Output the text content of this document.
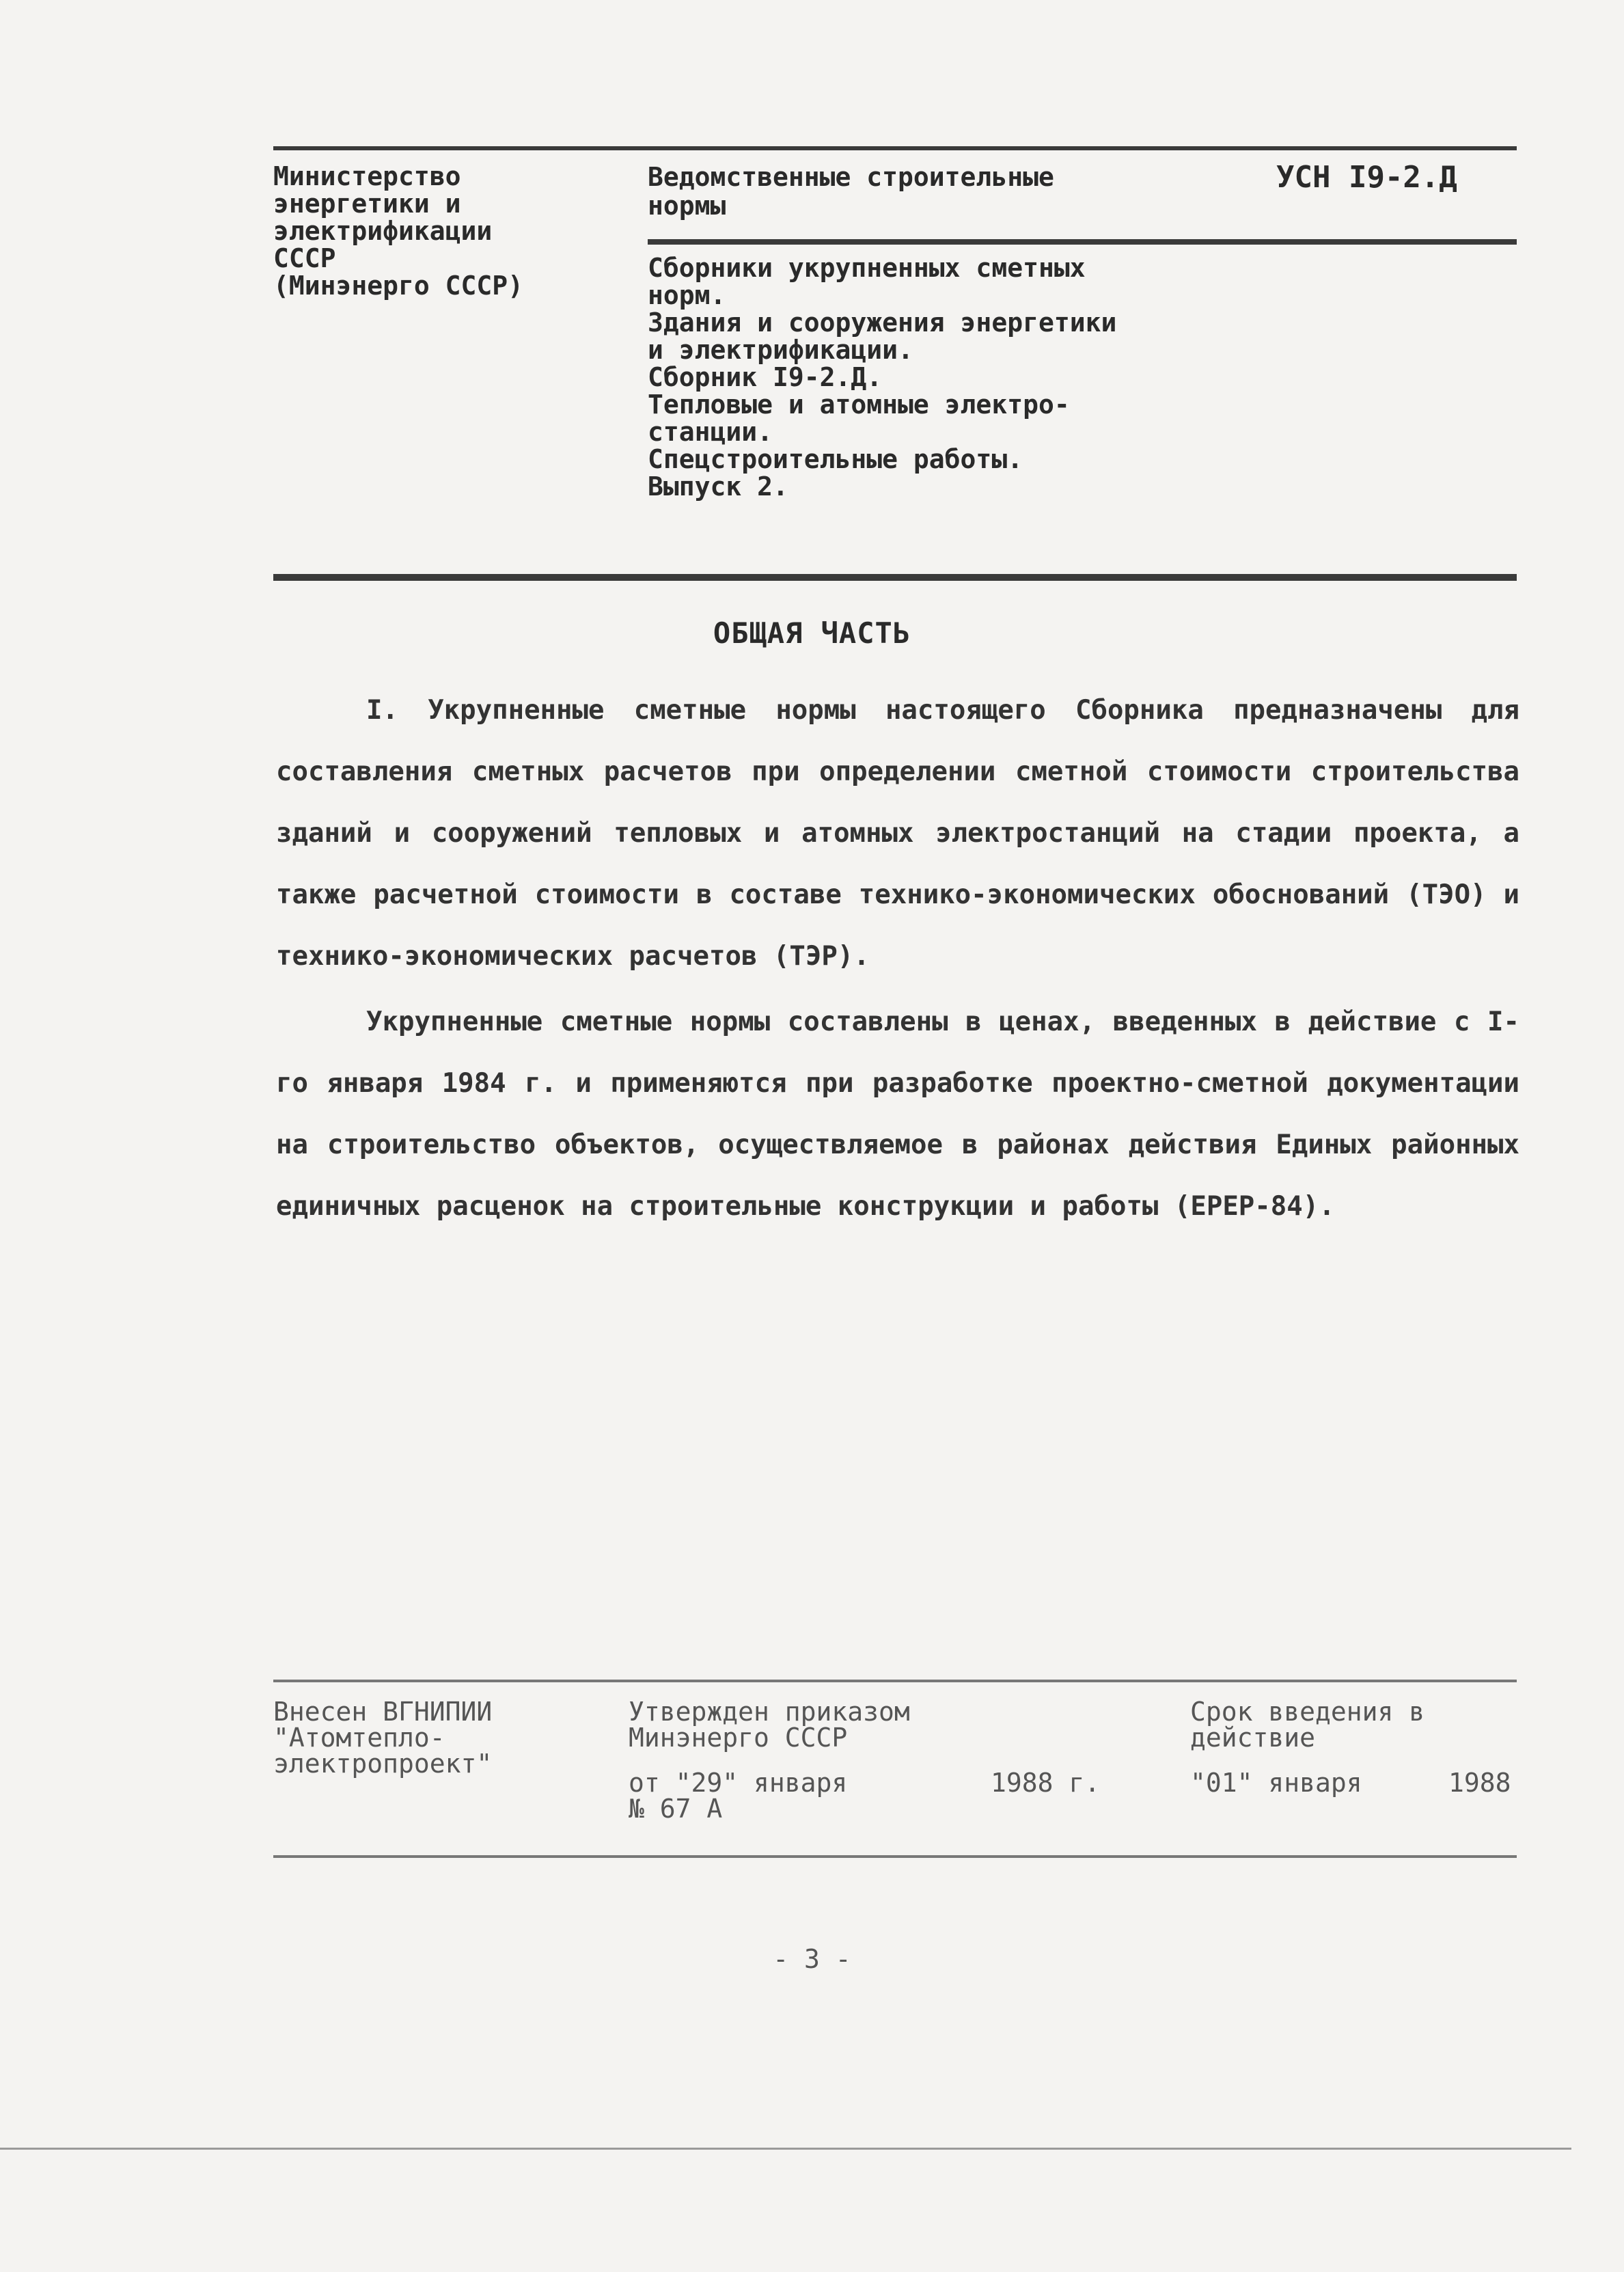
Министерство
энергетики и
электрификации
СССР
(Минэнерго СССР)
Ведомственные строительные
нормы
УСН I9-2.Д
Сборники укрупненных сметных
норм.
Здания и сооружения энергетики
и электрификации.
Сборник I9-2.Д.
Тепловые и атомные электро-
станции.
Спецстроительные работы.
Выпуск 2.
ОБЩАЯ ЧАСТЬ

I. Укрупненные сметные нормы настоящего Сборника предназначены для составления сметных расчетов при определении сметной стоимости строительства зданий и сооружений тепловых и атомных электростанций на стадии проекта, а также расчетной стоимости в составе технико-экономических обоснований (ТЭО) и технико-экономических расчетов (ТЭР).

Укрупненные сметные нормы составлены в ценах, введенных в действие с I-го января 1984 г. и применяются при разработке проектно-сметной документации на строительство объектов, осуществляемое в районах действия Единых районных единичных расценок на строительные конструкции и работы (ЕРЕР-84).

Внесен ВГНИПИИ
"Атомтепло-
электропроект"
Утвержден приказом
Минэнерго СССР
от "29" января
№ 67 А
1988 г.
Срок введения в
действие
"01" января	1988
- 3 -
